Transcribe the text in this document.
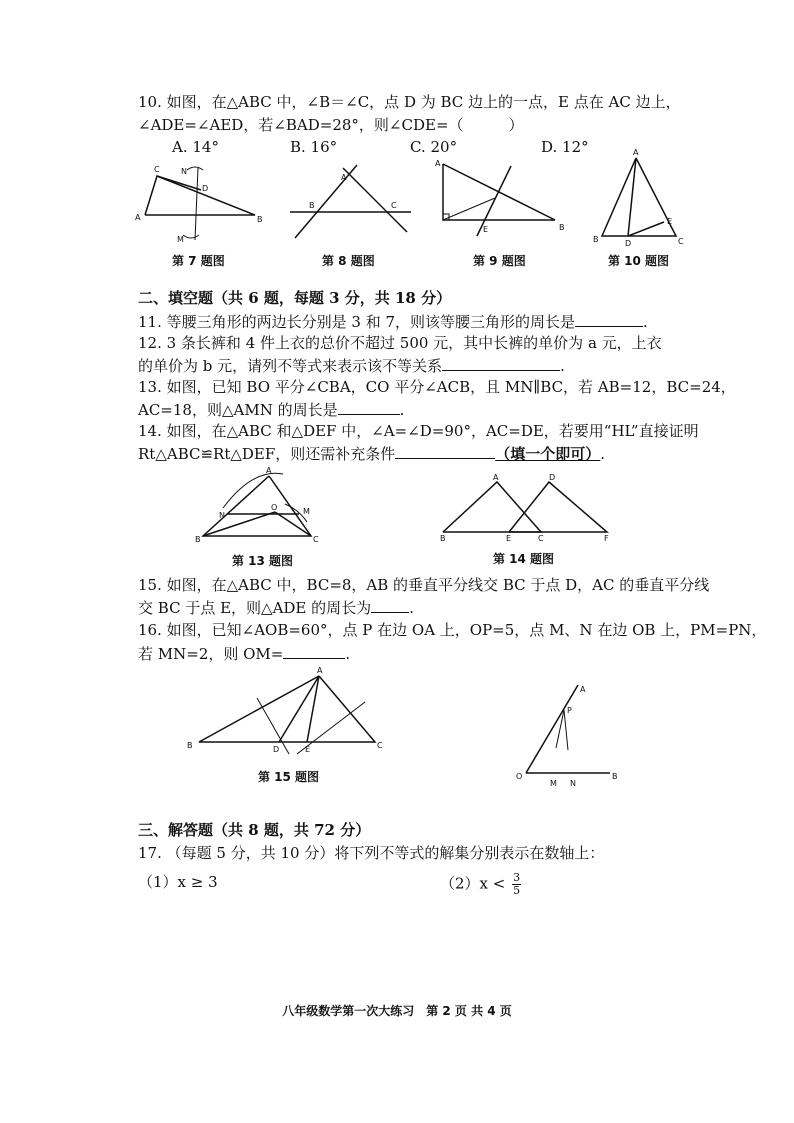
10. 如图，在△ABC 中，∠B＝∠C，点 D 为 BC 边上的一点，E 点在 AC 边上，
∠ADE=∠AED，若∠BAD=28°，则∠CDE=（　　　）
A. 14°	B. 16°	C. 20°	D. 12°
C	N
D
A	B
M
A
B	C
A
E	B
A
B	D
E
C
第 7 题图	第 8 题图	第 9 题图	第 10 题图
二、填空题（共 6 题，每题 3 分，共 18 分）
11. 等腰三角形的两边长分别是 3 和 7，则该等腰三角形的周长是	.
12. 3 条长裤和 4 件上衣的总价不超过 500 元，其中长裤的单价为 a 元，上衣
的单价为 b 元，请列不等式来表示该不等关系	.
13. 如图，已知 BO 平分∠CBA，CO 平分∠ACB，且 MN∥BC，若 AB=12，BC=24，
AC=18，则△AMN 的周长是	.
14. 如图，在△ABC 和△DEF 中，∠A=∠D=90°，AC=DE，若要用“HL”直接证明
Rt△ABC≌Rt△DEF，则还需补充条件	（填一个即可）.
A
N
O	M
B	C
A	D
B	E	C	F
第 13 题图	第 14 题图
15. 如图，在△ABC 中，BC=8，AB 的垂直平分线交 BC 于点 D，AC 的垂直平分线
交 BC 于点 E，则△ADE 的周长为	.
16. 如图，已知∠AOB=60°，点 P 在边 OA 上，OP=5，点 M、N 在边 OB 上，PM=PN，
若 MN=2，则 OM=	.
A
B	D	E	C
A
P
O
M N
B
第 15 题图
三、解答题（共 8 题，共 72 分）
17. （每题 5 分，共 10 分）将下列不等式的解集分别表示在数轴上：
（1）x ≥ 3	$(2)x < \frac{3}{5}$
八年级数学第一次大练习　第 2 页 共 4 页
